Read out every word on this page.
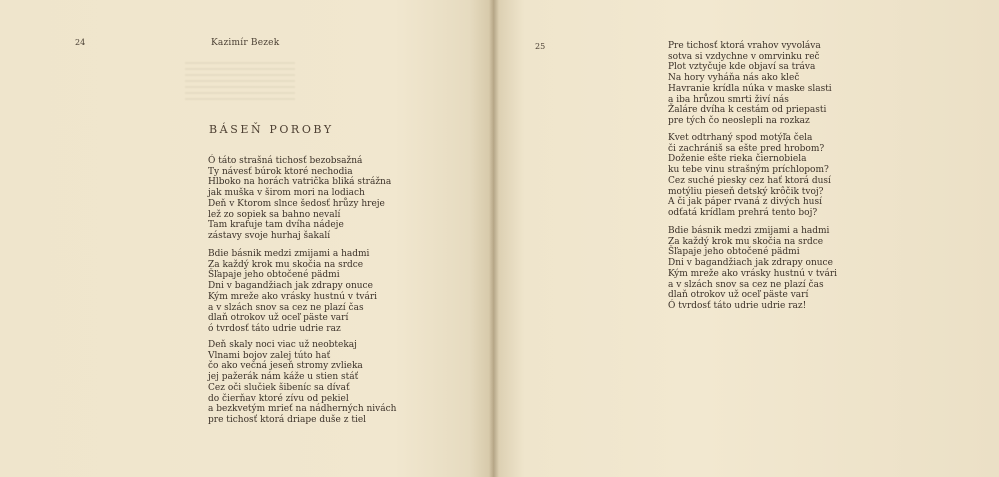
24	Kazimír Bezek
BÁSEŇ POROBY
Ó táto strašná tichosť bezobsažná
Ty návesť búrok ktoré nechodia
Hlboko na horách vatrička bliká strážna
jak muška v širom mori na lodiach
Deň v Ktorom slnce šedosť hrůzy hreje
lež zo sopiek sa bahno nevalí
Tam krafuje tam dvíha nádeje
zástavy svoje hurhaj šakalí
Bdie básnik medzi zmijami a hadmi
Za každý krok mu skočia na srdce
Šľapaje jeho obtočené pädmi
Dni v bagandžiach jak zdrapy onuce
Kým mreže ako vrásky hustnú v tvári
a v slzách snov sa cez ne plazí čas
dlaň otrokov už oceľ päste varí
ó tvrdosť táto udrie udrie raz
Deň skaly noci viac už neobtekaj
Vlnami bojov zalej túto hať
čo ako večná jeseň stromy zvlieka
jej pažerák nám káže u stien stáť
Cez oči slučiek šibeníc sa dívať
do čierňav ktoré zívu od pekiel
a bezkvetým mrieť na nádherných nivách
pre tichosť ktorá driape duše z tiel
25	Pre tichosť ktorá vrahov vyvoláva
sotva si vzdychne v omrvinku reč
Plot vztyčuje kde objaví sa tráva
Na hory vyháňa nás ako kleč
Havranie krídla núka v maske slasti
a iba hrůzou smrti živí nás
Žaláre dvíha k cestám od priepasti
pre tých čo neoslepli na rozkaz
Kvet odtrhaný spod motýľa čela
či zachrániš sa ešte pred hrobom?
Doženie ešte rieka čiernobiela
ku tebe vinu strašným príchlopom?
Cez suché piesky cez hať ktorá dusí
motýliu pieseň detský krôčik tvoj?
A či jak páper rvaná z divých husí
odťatá krídlam prehrá tento boj?
Bdie básnik medzi zmijami a hadmi
Za každý krok mu skočia na srdce
Šľapaje jeho obtočené pädmi
Dni v bagandžiach jak zdrapy onuce
Kým mreže ako vrásky hustnú v tvári
a v slzách snov sa cez ne plazí čas
dlaň otrokov už oceľ päste varí
Ó tvrdosť táto udrie udrie raz!
